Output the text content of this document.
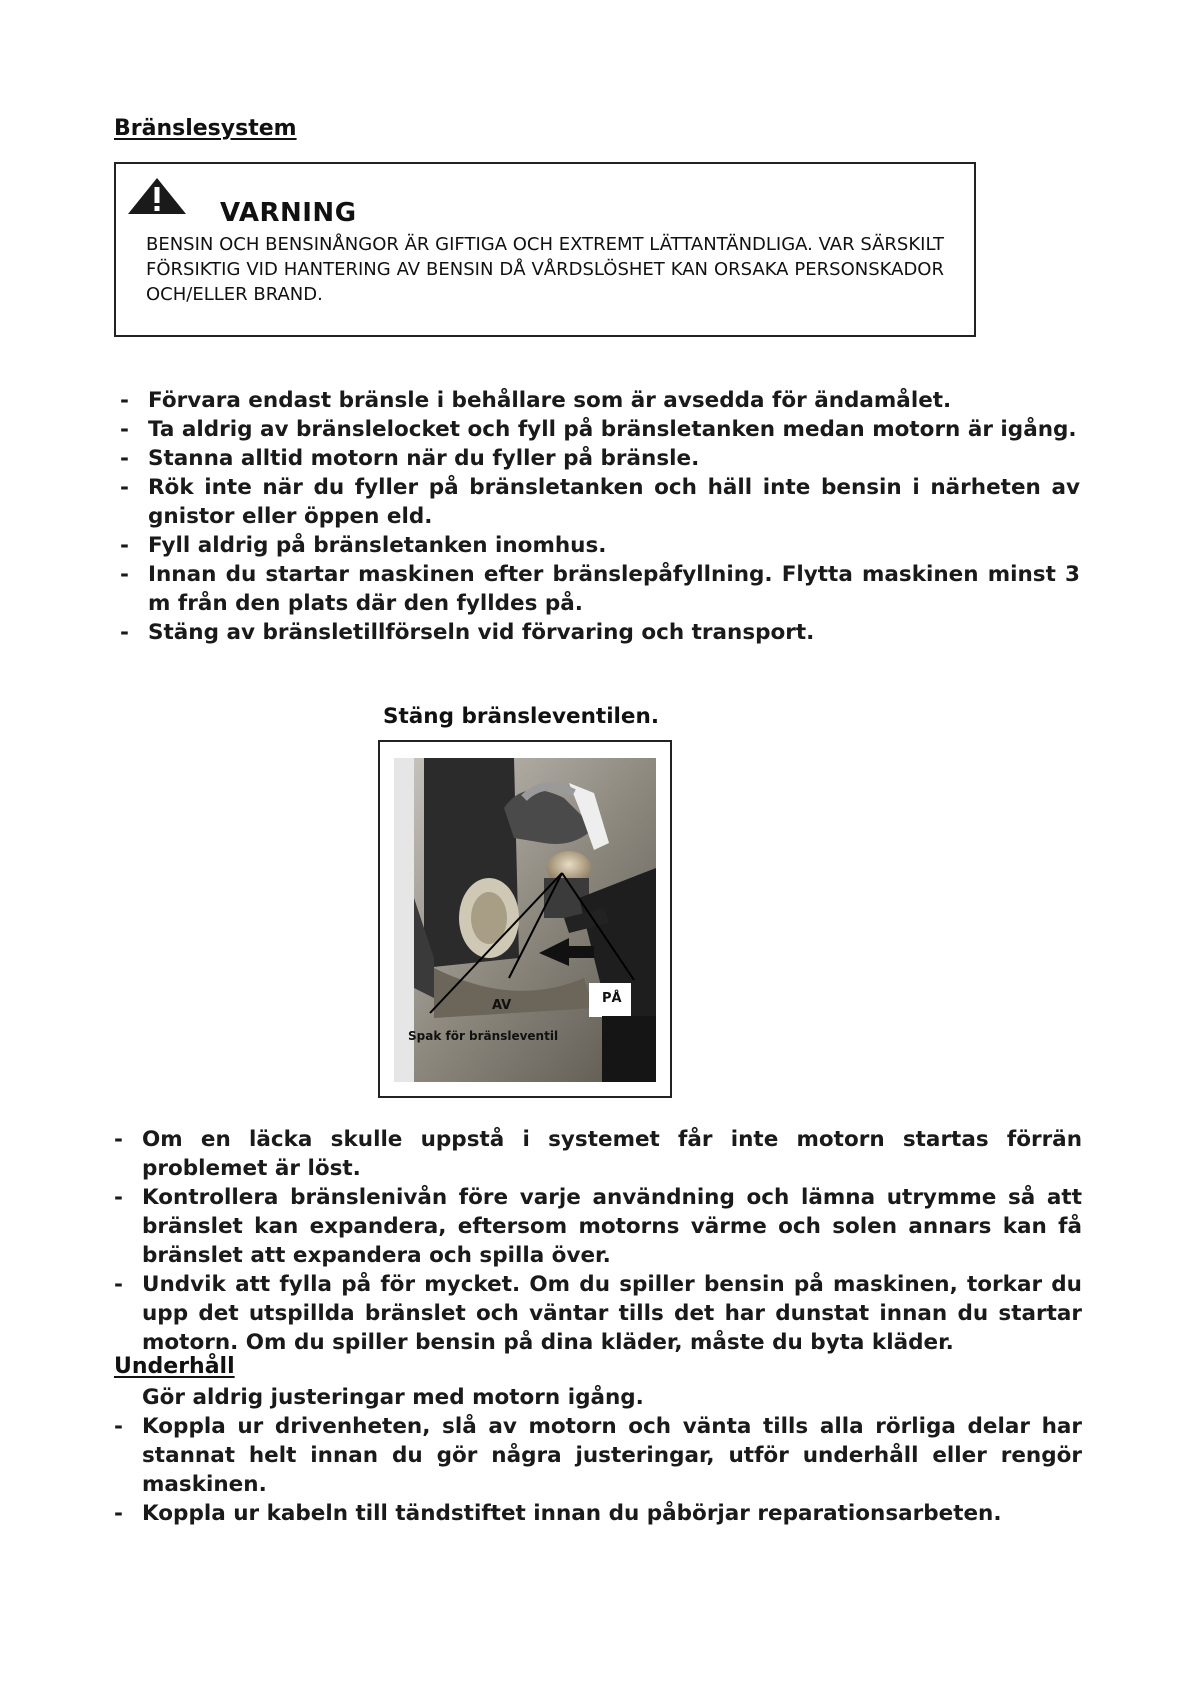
Bränslesystem
VARNING

BENSIN OCH BENSINÅNGOR ÄR GIFTIGA OCH EXTREMT LÄTTANTÄNDLIGA. VAR SÄRSKILT FÖRSIKTIG VID HANTERING AV BENSIN DÅ VÅRDSLÖSHET KAN ORSAKA PERSONSKADOR OCH/ELLER BRAND.

- Förvara endast bränsle i behållare som är avsedda för ändamålet.
- Ta aldrig av bränslelocket och fyll på bränsletanken medan motorn är igång.
- Stanna alltid motorn när du fyller på bränsle.
- Rök inte när du fyller på bränsletanken och häll inte bensin i närheten av gnistor eller öppen eld.
- Fyll aldrig på bränsletanken inomhus.
- Innan du startar maskinen efter bränslepåfyllning. Flytta maskinen minst 3 m från den plats där den fylldes på.
- Stäng av bränsletillförseln vid förvaring och transport.

Stäng bränsleventilen.

AV	PÅ
Spak för bränsleventil
- Om en läcka skulle uppstå i systemet får inte motorn startas förrän problemet är löst.
- Kontrollera bränslenivån före varje användning och lämna utrymme så att bränslet kan expandera, eftersom motorns värme och solen annars kan få bränslet att expandera och spilla över.
- Undvik att fylla på för mycket. Om du spiller bensin på maskinen, torkar du upp det utspillda bränslet och väntar tills det har dunstat innan du startar motorn. Om du spiller bensin på dina kläder, måste du byta kläder.
Underhåll
Gör aldrig justeringar med motorn igång.
- Koppla ur drivenheten, slå av motorn och vänta tills alla rörliga delar har stannat helt innan du gör några justeringar, utför underhåll eller rengör maskinen.
- Koppla ur kabeln till tändstiftet innan du påbörjar reparationsarbeten.
